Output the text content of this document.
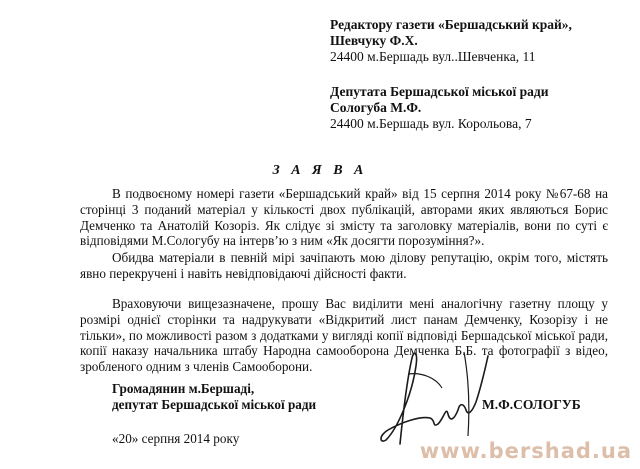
Редактору газети «Бершадський край»,
Шевчуку Ф.Х.
24400 м.Бершадь вул..Шевченка, 11
Депутата Бершадської міської ради
Сологуба М.Ф.
24400 м.Бершадь вул. Корольова, 7
З А Я В А

В подвоєному номері газети «Бершадський край» від 15 серпня 2014 року №67-68 на сторінці 3 поданий матеріал у кількості двох публікацій, авторами яких являються Борис Демченко та Анатолій Козоріз. Як слідує зі змісту та заголовку матеріалів, вони по суті є відповідями М.Сологубу на інтерв’ю з ним «Як досягти порозуміння?».

Обидва матеріали в певній мірі зачіпають мою ділову репутацію, окрім того, містять явно перекручені і навіть невідповідаючі дійсності факти.

Враховуючи вищезазначене, прошу Вас виділити мені аналогічну газетну площу у розмірі однієї сторінки та надрукувати «Відкритий лист панам Демченку, Козорізу і не тільки», по можливості разом з додатками у вигляді копії відповіді Бершадської міської ради, копії наказу начальника штабу Народна самооборона Демченка Б.Б. та фотографії з відео, зробленого одним з членів Самооборони.

Громадянин м.Бершаді,
депутат Бершадської міської ради	М.Ф.СОЛОГУБ
«20» серпня 2014 року
www.bershad.ua
